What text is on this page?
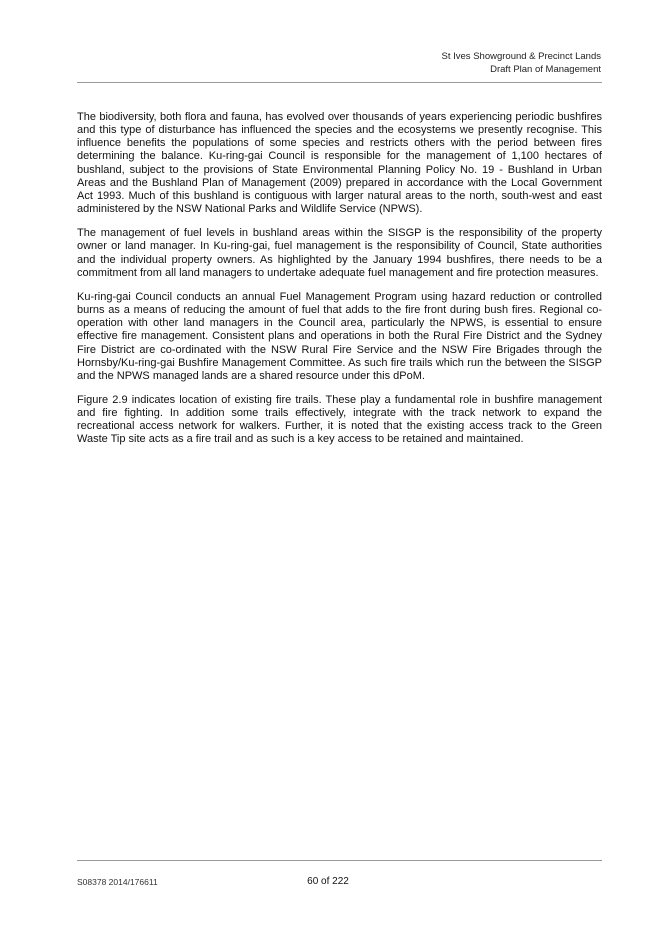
St Ives Showground & Precinct Lands
Draft Plan of Management

The biodiversity, both flora and fauna, has evolved over thousands of years experiencing periodic bushfires and this type of disturbance has influenced the species and the ecosystems we presently recognise. This influence benefits the populations of some species and restricts others with the period between fires determining the balance. Ku-ring-gai Council is responsible for the management of 1,100 hectares of bushland, subject to the provisions of State Environmental Planning Policy No. 19 - Bushland in Urban Areas and the Bushland Plan of Management (2009) prepared in accordance with the Local Government Act 1993. Much of this bushland is contiguous with larger natural areas to the north, south-west and east administered by the NSW National Parks and Wildlife Service (NPWS).

The management of fuel levels in bushland areas within the SISGP is the responsibility of the property owner or land manager. In Ku-ring-gai, fuel management is the responsibility of Council, State authorities and the individual property owners. As highlighted by the January 1994 bushfires, there needs to be a commitment from all land managers to undertake adequate fuel management and fire protection measures.

Ku-ring-gai Council conducts an annual Fuel Management Program using hazard reduction or controlled burns as a means of reducing the amount of fuel that adds to the fire front during bush fires. Regional co-operation with other land managers in the Council area, particularly the NPWS, is essential to ensure effective fire management. Consistent plans and operations in both the Rural Fire District and the Sydney Fire District are co-ordinated with the NSW Rural Fire Service and the NSW Fire Brigades through the Hornsby/Ku-ring-gai Bushfire Management Committee. As such fire trails which run the between the SISGP and the NPWS managed lands are a shared resource under this dPoM.

Figure 2.9 indicates location of existing fire trails. These play a fundamental role in bushfire management and fire fighting. In addition some trails effectively, integrate with the track network to expand the recreational access network for walkers. Further, it is noted that the existing access track to the Green Waste Tip site acts as a fire trail and as such is a key access to be retained and maintained.

S08378 2014/176611	60 of 222
